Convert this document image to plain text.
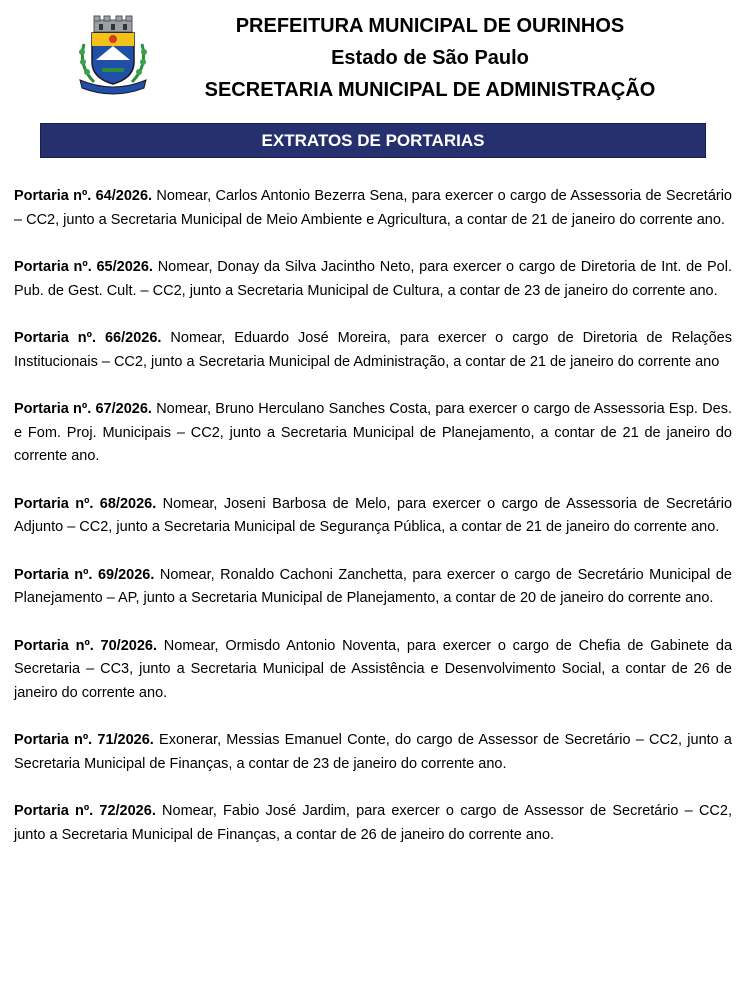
PREFEITURA MUNICIPAL DE OURINHOS
Estado de São Paulo
SECRETARIA MUNICIPAL DE ADMINISTRAÇÃO
EXTRATOS DE PORTARIAS

Portaria nº. 64/2026. Nomear, Carlos Antonio Bezerra Sena, para exercer o cargo de Assessoria de Secretário – CC2, junto a Secretaria Municipal de Meio Ambiente e Agricultura, a contar de 21 de janeiro do corrente ano.

Portaria nº. 65/2026. Nomear, Donay da Silva Jacintho Neto, para exercer o cargo de Diretoria de Int. de Pol. Pub. de Gest. Cult. – CC2, junto a Secretaria Municipal de Cultura, a contar de 23 de janeiro do corrente ano.

Portaria nº. 66/2026. Nomear, Eduardo José Moreira, para exercer o cargo de Diretoria de Relações Institucionais – CC2, junto a Secretaria Municipal de Administração, a contar de 21 de janeiro do corrente ano

Portaria nº. 67/2026. Nomear, Bruno Herculano Sanches Costa, para exercer o cargo de Assessoria Esp. Des. e Fom. Proj. Municipais – CC2, junto a Secretaria Municipal de Planejamento, a contar de 21 de janeiro do corrente ano.

Portaria nº. 68/2026. Nomear, Joseni Barbosa de Melo, para exercer o cargo de Assessoria de Secretário Adjunto – CC2, junto a Secretaria Municipal de Segurança Pública, a contar de 21 de janeiro do corrente ano.

Portaria nº. 69/2026. Nomear, Ronaldo Cachoni Zanchetta, para exercer o cargo de Secretário Municipal de Planejamento – AP, junto a Secretaria Municipal de Planejamento, a contar de 20 de janeiro do corrente ano.

Portaria nº. 70/2026. Nomear, Ormisdo Antonio Noventa, para exercer o cargo de Chefia de Gabinete da Secretaria – CC3, junto a Secretaria Municipal de Assistência e Desenvolvimento Social, a contar de 26 de janeiro do corrente ano.

Portaria nº. 71/2026. Exonerar, Messias Emanuel Conte, do cargo de Assessor de Secretário – CC2, junto a Secretaria Municipal de Finanças, a contar de 23 de janeiro do corrente ano.

Portaria nº. 72/2026. Nomear, Fabio José Jardim, para exercer o cargo de Assessor de Secretário – CC2, junto a Secretaria Municipal de Finanças, a contar de 26 de janeiro do corrente ano.
